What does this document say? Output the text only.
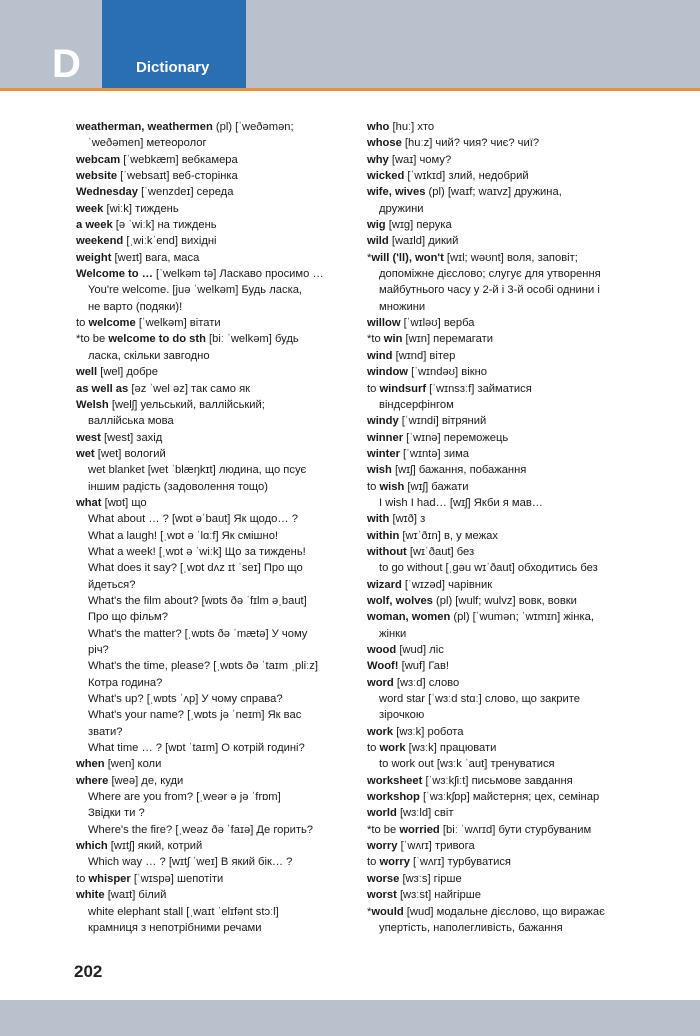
D	Dictionary
weatherman, weathermen (pl) [ˈweðəmən;
ˈweðəmen] метеоролог
webcam [ˈwebkæm] вебкамера
website [ˈwebsaɪt] веб-сторінка
Wednesday [ˈwenzdeɪ] середа
week [wiːk] тиждень
a week [ə ˈwiːk] на тиждень
weekend [ˌwiːkˈend] вихідні
weight [weɪt] вага, маса
Welcome to … [ˈwelkəm tə] Ласкаво просимо …
You're welcome. [juə ˈwelkəm] Будь ласка,
не варто (подяки)!
to welcome [ˈwelkəm] вітати
*to be welcome to do sth [biː ˈwelkəm] будь
ласка, скільки завгодно
well [wel] добре
as well as [əz ˈwel əz] так само як
Welsh [welʃ] уельський, валлійський;
валлійська мова
west [west] захід
wet [wet] вологий
wet blanket [wet ˈblæŋkɪt] людина, що псує
іншим радість (задоволення тощо)
what [wɒt] що
What about … ? [wɒt əˈbaut] Як щодо… ?
What a laugh! [ˌwɒt ə ˈlɑːf] Як смішно!
What a week! [ˌwɒt ə ˈwiːk] Що за тиждень!
What does it say? [ˌwɒt dʌz ɪt ˈseɪ] Про що
йдеться?
What's the film about? [wɒts ðə ˈfɪlm əˌbaut]
Про що фільм?
What's the matter? [ˌwɒts ðə ˈmætə] У чому
річ?
What's the time, please? [ˌwɒts ðə ˈtaɪm ˌpliːz]
Котра година?
What's up? [ˌwɒts ˈʌp] У чому справа?
What's your name? [ˌwɒts jə ˈneɪm] Як вас
звати?
What time … ? [wɒt ˈtaɪm] О котрій годині?
when [wen] коли
where [weə] де, куди
Where are you from? [ˌweər ə jə ˈfrɒm]
Звідки ти ?
Where's the fire? [ˌweəz ðə ˈfaɪə] Де горить?
which [wɪtʃ] який, котрий
Which way … ? [wɪtʃ ˈweɪ] В який бік… ?
to whisper [ˈwɪspə] шепотіти
white [waɪt] білий
white elephant stall [ˌwaɪt ˈelɪfənt stɔːl]
крамниця з непотрібними речами
who [huː] хто
whose [huːz] чий? чия? чиє? чиї?
why [waɪ] чому?
wicked [ˈwɪkɪd] злий, недобрий
wife, wives (pl) [waɪf; waɪvz] дружина,
дружини
wig [wɪg] перука
wild [waɪld] дикий
*will ('ll), won't [wɪl; wəʊnt] воля, заповіт;
допоміжне дієслово; слугує для утворення
майбутнього часу у 2-й і 3-й особі однини і
множини
willow [ˈwɪləʊ] верба
*to win [wɪn] перемагати
wind [wɪnd] вітер
window [ˈwɪndəʊ] вікно
to windsurf [ˈwɪnsɜːf] займатися
віндсерфінгом
windy [ˈwɪndi] вітряний
winner [ˈwɪnə] переможець
winter [ˈwɪntə] зима
wish [wɪʃ] бажання, побажання
to wish [wɪʃ] бажати
I wish I had… [wɪʃ] Якби я мав…
with [wɪð] з
within [wɪˈðɪn] в, у межах
without [wɪˈðaut] без
to go without [ˌgəu wɪˈðaut] обходитись без
wizard [ˈwɪzəd] чарівник
wolf, wolves (pl) [wulf; wulvz] вовк, вовки
woman, women (pl) [ˈwumən; ˈwɪmɪn] жінка,
жінки
wood [wud] ліс
Woof! [wuf] Гав!
word [wɜːd] слово
word star [ˈwɜːd stɑː] слово, що закрите
зірочкою
work [wɜːk] робота
to work [wɜːk] працювати
to work out [wɜːk ˈaut] тренуватися
worksheet [ˈwɜːkʃiːt] письмове завдання
workshop [ˈwɜːkʃɒp] майстерня; цех, семінар
world [wɜːld] світ
*to be worried [biː ˈwʌrɪd] бути стурбуваним
worry [ˈwʌrɪ] тривога
to worry [ˈwʌrɪ] турбуватися
worse [wɜːs] гірше
worst [wɜːst] найгірше
*would [wud] модальне дієслово, що виражає
упертість, наполегливість, бажання
202
